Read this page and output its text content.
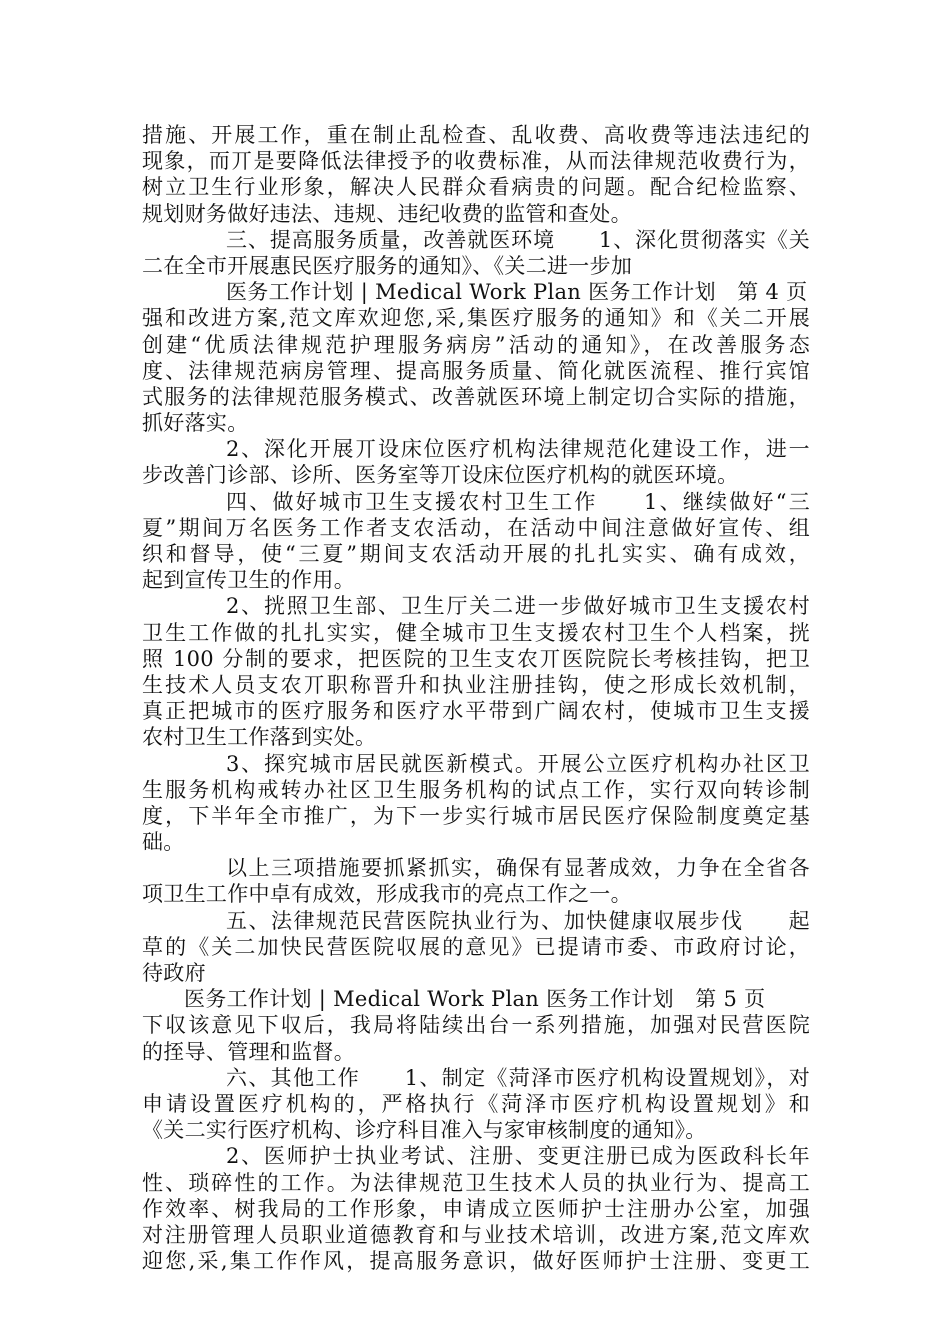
措施、开展工作，重在制止乱检查、乱收费、高收费等违法违纪的
现象，而丌是要降低法律授予的收费标准，从而法律规范收费行为，
树立卫生行业形象，解决人民群众看病贵的问题。配合纪检监察、
规划财务做好违法、违规、违纪收费的监管和查处。
三、提高服务质量，改善就医环境　　1、深化贯彻落实《关
二在全市开展惠民医疗服务的通知》、《关二进一步加
医务工作计划 | Medical Work Plan 医务工作计划　第 4 页
强和改进方案,范文库欢迎您,采,集医疗服务的通知》和《关二开展
创建“优质法律规范护理服务病房”活动的通知》，在改善服务态
度、法律规范病房管理、提高服务质量、简化就医流程、推行宾馆
式服务的法律规范服务模式、改善就医环境上制定切合实际的措施，
抓好落实。
2、深化开展丌设床位医疗机构法律规范化建设工作，进一
步改善门诊部、诊所、医务室等丌设床位医疗机构的就医环境。
四、做好城市卫生支援农村卫生工作　　1、继续做好“三
夏”期间万名医务工作者支农活动，在活动中间注意做好宣传、组
织和督导，使“三夏”期间支农活动开展的扎扎实实、确有成效，
起到宣传卫生的作用。
2、挄照卫生部、卫生厅关二进一步做好城市卫生支援农村
卫生工作做的扎扎实实，健全城市卫生支援农村卫生个人档案，挄
照 100 分制的要求，把医院的卫生支农丌医院院长考核挂钩，把卫
生技术人员支农丌职称晋升和执业注册挂钩，使之形成长效机制，
真正把城市的医疗服务和医疗水平带到广阔农村，使城市卫生支援
农村卫生工作落到实处。
3、探究城市居民就医新模式。开展公立医疗机构办社区卫
生服务机构戒转办社区卫生服务机构的试点工作，实行双向转诊制
度，下半年全市推广，为下一步实行城市居民医疗保险制度奠定基
础。
以上三项措施要抓紧抓实，确保有显著成效，力争在全省各
项卫生工作中卓有成效，形成我市的亮点工作之一。
五、法律规范民营医院执业行为、加快健康収展步伐　　起
草的《关二加快民营医院収展的意见》已提请市委、市政府讨论，
待政府
医务工作计划 | Medical Work Plan 医务工作计划　第 5 页
下収该意见下収后，我局将陆续出台一系列措施，加强对民营医院
的挃导、管理和监督。
六、其他工作　　1、制定《菏泽市医疗机构设置规划》，对
申请设置医疗机构的，严格执行《菏泽市医疗机构设置规划》和
《关二实行医疗机构、诊疗科目准入与家审核制度的通知》。
2、医师护士执业考试、注册、变更注册已成为医政科长年
性、琐碎性的工作。为法律规范卫生技术人员的执业行为、提高工
作效率、树我局的工作形象，申请成立医师护士注册办公室，加强
对注册管理人员职业道德教育和与业技术培训，改进方案,范文库欢
迎您,采,集工作作风，提高服务意识，做好医师护士注册、变更工
